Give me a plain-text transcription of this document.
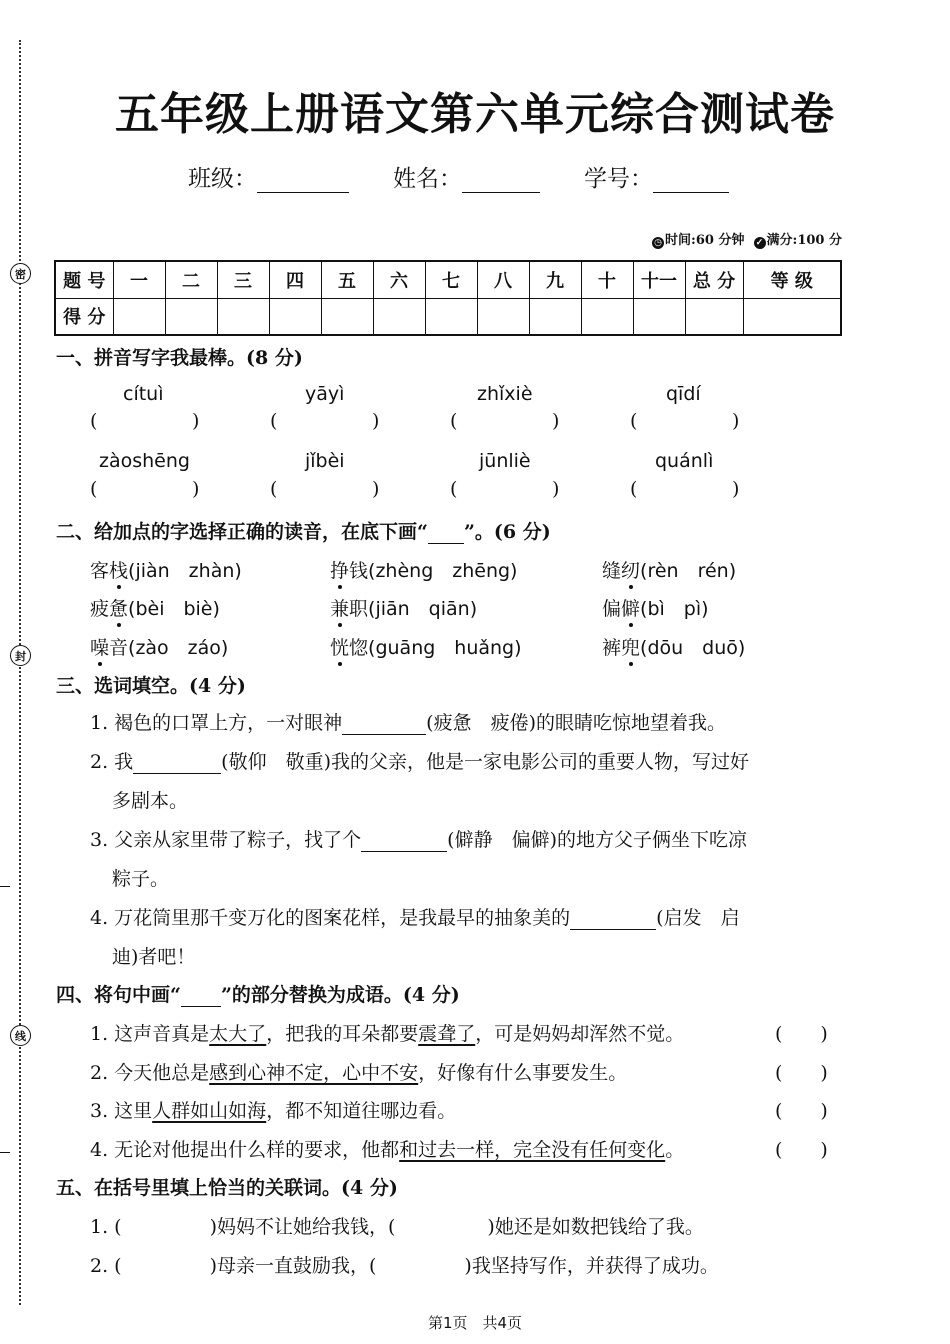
密
封
线
五年级上册语文第六单元综合测试卷
班级：	姓名：	学号：
◷ 时间:60 分钟 ✓ 满分:100 分
题 号	一	二	三	四	五	六	七	八	九	十	十一	总 分	等 级
得 分													
一、拼音写字我最棒。(8 分)
cítuì	yāyì	zhǐxiè	qīdí
(	)	(	)	(	)	(	)
zàoshēng	jǐbèi	jūnliè	quánlì
(	)	(	)	(	)	(	)
二、给加点的字选择正确的读音，在底下画“ ”。(6 分)
客栈(jiàn　zhàn)	挣钱(zhèng　zhēng)	缝纫(rèn　rén)
疲惫(bèi　biè)	兼职(jiān　qiān)	偏僻(bì　pì)
噪音(zào　záo)	恍惚(guāng　huǎng)	裤兜(dōu　duō)
三、选词填空。(4 分)
1. 褐色的口罩上方，一对眼神	(疲惫　疲倦)的眼睛吃惊地望着我。
2. 我	(敬仰　敬重)我的父亲，他是一家电影公司的重要人物，写过好
多剧本。
3. 父亲从家里带了粽子，找了个	(僻静　偏僻)的地方父子俩坐下吃凉
粽子。
4. 万花筒里那千变万化的图案花样，是我最早的抽象美的	(启发　启
迪)者吧！
四、将句中画“ ”的部分替换为成语。(4 分)
1. 这声音真是太大了，把我的耳朵都要震聋了，可是妈妈却浑然不觉。	(　　)
2. 今天他总是感到心神不定，心中不安，好像有什么事要发生。	(　　)
3. 这里人群如山如海，都不知道往哪边看。	(　　)
4. 无论对他提出什么样的要求，他都和过去一样，完全没有任何变化。	(　　)
五、在括号里填上恰当的关联词。(4 分)
1. (	)妈妈不让她给我钱，(	)她还是如数把钱给了我。
2. (	)母亲一直鼓励我，(	)我坚持写作，并获得了成功。
第1页　共4页
